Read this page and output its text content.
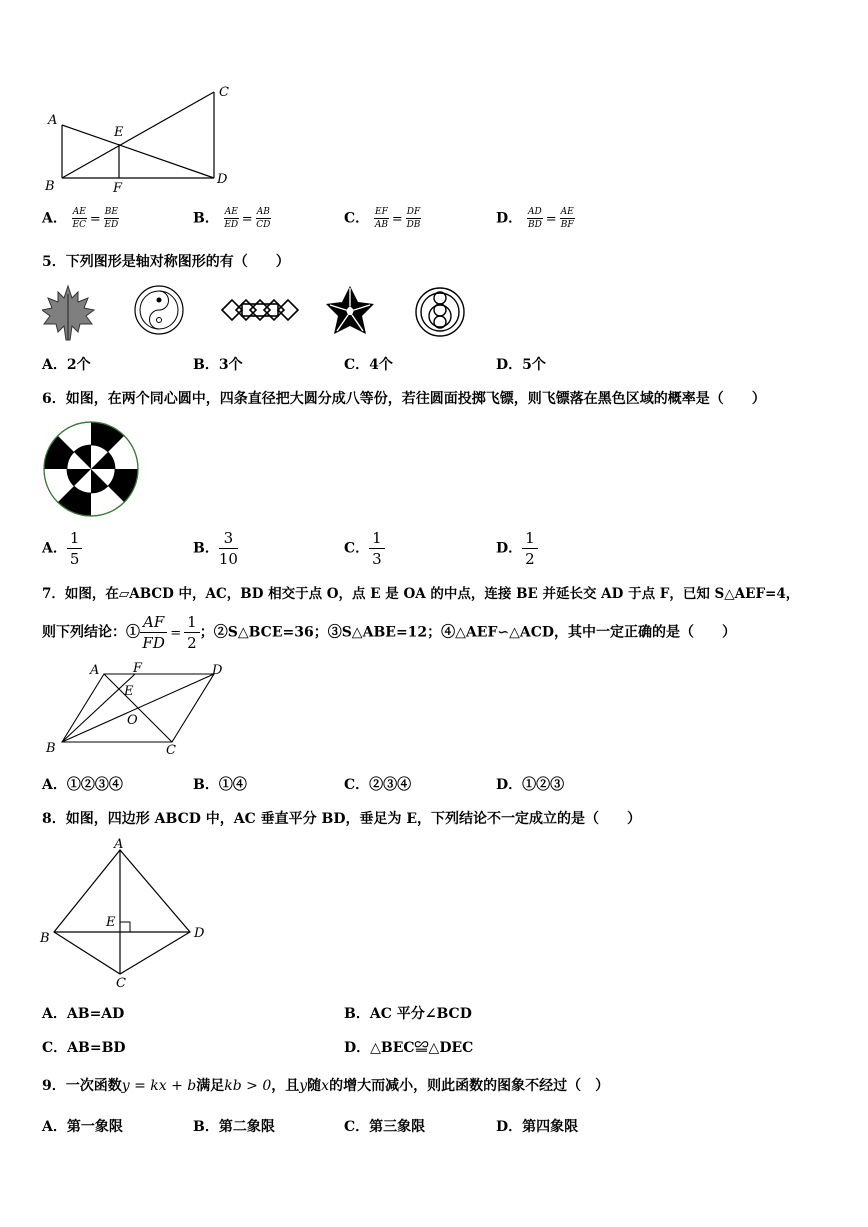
A
B
C
D
E
F
A． $\frac{AE}{EC} = \frac{BE}{ED}$	B． $\frac{AE}{ED} = \frac{AB}{CD}$	C． $\frac{EF}{AB} = \frac{DF}{DB}$	D． $\frac{AD}{BD} = \frac{AE}{BF}$
5．下列图形是轴对称图形的有（　　）
A．2个	B．3个	C．4个	D．5个
6．如图，在两个同心圆中，四条直径把大圆分成八等份，若往圆面投掷飞镖，则飞镖落在黑色区域的概率是（　　）
A． $\frac{1}{5}$	B． $\frac{3}{10}$	C． $\frac{1}{3}$	D． $\frac{1}{2}$
7．如图，在▱ABCD 中，AC，BD 相交于点 O，点 E 是 OA 的中点，连接 BE 并延长交 AD 于点 F，已知 S△AEF=4，
则下列结论：① $\frac{AF}{FD} = \frac{1}{2}$；②S△BCE=36；③S△ABE=12；④△AEF∽△ACD，其中一定正确的是（　　）
A
B	C
D
E
F
O
A．①②③④	B．①④	C．②③④	D．①②③
8．如图，四边形 ABCD 中，AC 垂直平分 BD，垂足为 E，下列结论不一定成立的是（　　）
A
B
C
D
E
A．AB=AD	B．AC 平分∠BCD
C．AB=BD	D．△BEC≌△DEC
9．一次函数y = kx + b满足kb > 0，且y随x的增大而减小，则此函数的图象不经过（　）
A．第一象限	B．第二象限	C．第三象限	D．第四象限
